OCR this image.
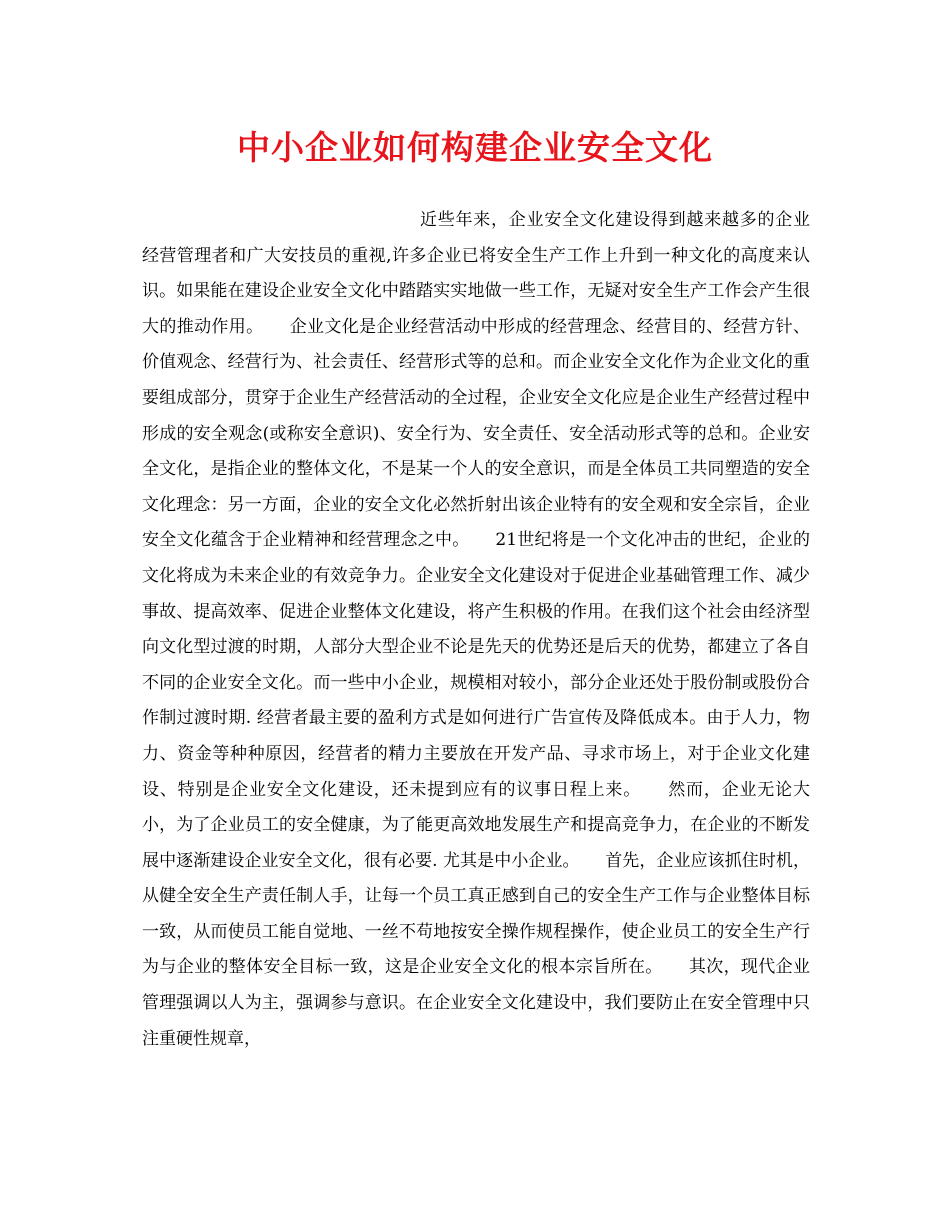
中小企业如何构建企业安全文化

近些年来，企业安全文化建设得到越来越多的企业经营管理者和广大安技员的重视,许多企业已将安全生产工作上升到一种文化的高度来认识。如果能在建设企业安全文化中踏踏实实地做一些工作，无疑对安全生产工作会产生很大的推动作用。　　企业文化是企业经营活动中形成的经营理念、经营目的、经营方针、价值观念、经营行为、社会责任、经营形式等的总和。而企业安全文化作为企业文化的重要组成部分，贯穿于企业生产经营活动的全过程，企业安全文化应是企业生产经营过程中形成的安全观念(或称安全意识)、安全行为、安全责任、安全活动形式等的总和。企业安全文化，是指企业的整体文化，不是某一个人的安全意识，而是全体员工共同塑造的安全文化理念：另一方面，企业的安全文化必然折射出该企业特有的安全观和安全宗旨，企业安全文化蕴含于企业精神和经营理念之中。　　21世纪将是一个文化冲击的世纪，企业的文化将成为未来企业的有效竞争力。企业安全文化建设对于促进企业基础管理工作、减少事故、提高效率、促进企业整体文化建设，将产生积极的作用。在我们这个社会由经济型向文化型过渡的时期，人部分大型企业不论是先天的优势还是后天的优势，都建立了各自不同的企业安全文化。而一些中小企业，规模相对较小，部分企业还处于股份制或股份合作制过渡时期. 经营者最主要的盈利方式是如何进行广告宣传及降低成本。由于人力，物力、资金等种种原因，经营者的精力主要放在开发产品、寻求市场上，对于企业文化建设、特别是企业安全文化建设，还未提到应有的议事日程上来。　　然而，企业无论大小，为了企业员工的安全健康，为了能更高效地发展生产和提高竞争力，在企业的不断发展中逐渐建设企业安全文化，很有必要. 尤其是中小企业。　　首先，企业应该抓住时机，从健全安全生产责任制人手，让每一个员工真正感到自己的安全生产工作与企业整体目标一致，从而使员工能自觉地、一丝不苟地按安全操作规程操作，使企业员工的安全生产行为与企业的整体安全目标一致，这是企业安全文化的根本宗旨所在。　　其次，现代企业管理强调以人为主，强调参与意识。在企业安全文化建设中，我们要防止在安全管理中只注重硬性规章，
